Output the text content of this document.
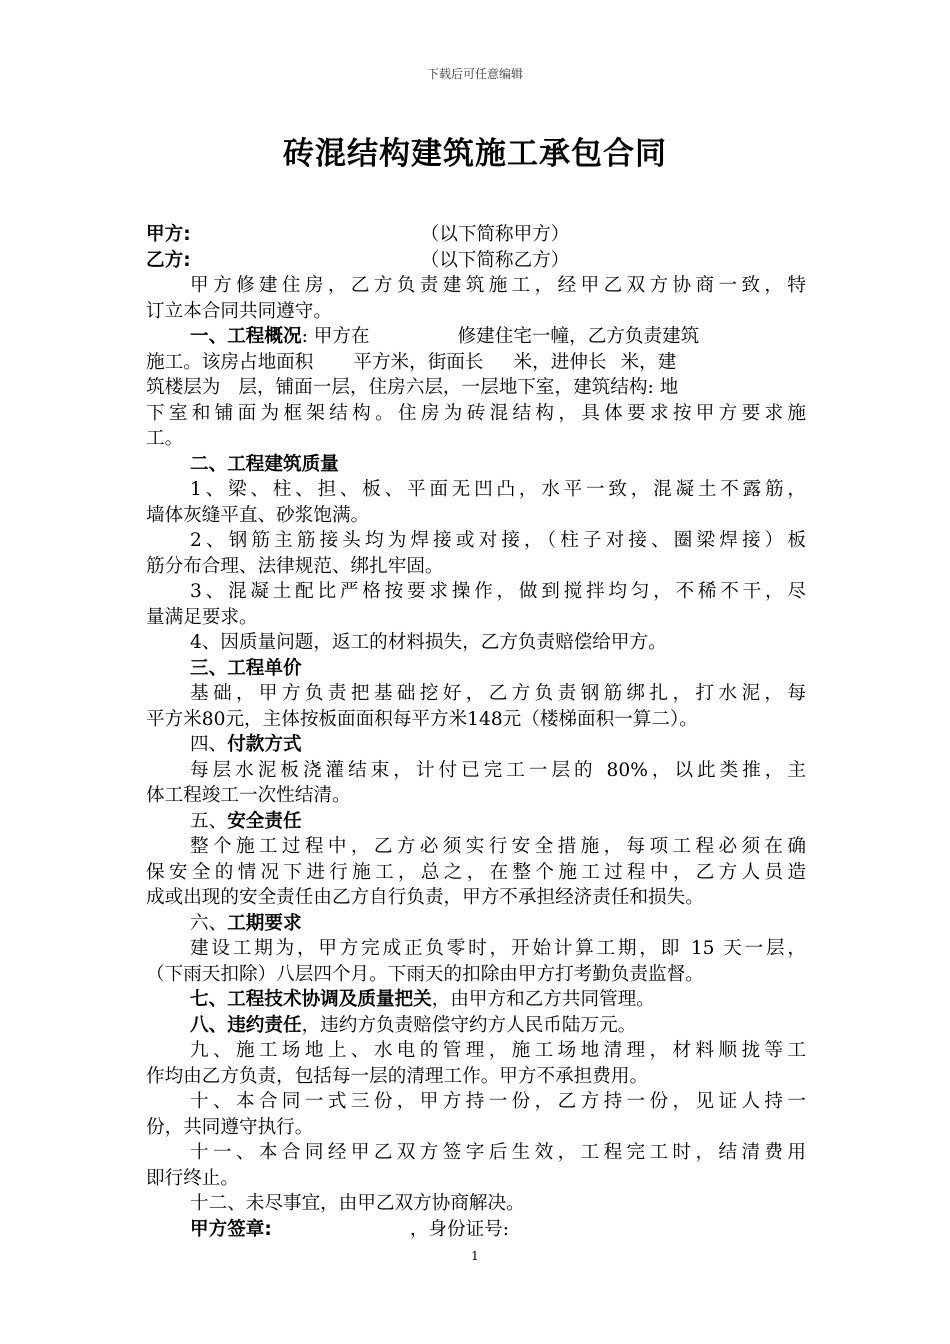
下载后可任意编辑
砖混结构建筑施工承包合同
甲方:	（以下简称甲方）
乙方:	（以下简称乙方）
甲方修建住房，乙方负责建筑施工，经甲乙双方协商一致，特
订立本合同共同遵守。
一、工程概况: 甲方在	修建住宅一幢，乙方负责建筑
施工。该房占地面积 平方米，街面长 米，进伸长 米，建
筑楼层为 层，铺面一层，住房六层，一层地下室，建筑结构: 地
下室和铺面为框架结构。住房为砖混结构，具体要求按甲方要求施
工。
二、工程建筑质量
1、梁、柱、担、板、平面无凹凸，水平一致，混凝土不露筋，
墙体灰缝平直、砂浆饱满。
2、钢筋主筋接头均为焊接或对接，（柱子对接、圈梁焊接）板
筋分布合理、法律规范、绑扎牢固。
3、混凝土配比严格按要求操作，做到搅拌均匀，不稀不干，尽
量满足要求。
4、因质量问题，返工的材料损失，乙方负责赔偿给甲方。
三、工程单价
基础，甲方负责把基础挖好，乙方负责钢筋绑扎，打水泥，每
平方米80元，主体按板面面积每平方米148元（楼梯面积一算二）。
四、付款方式
每层水泥板浇灌结束，计付已完工一层的 80%，以此类推，主
体工程竣工一次性结清。
五、安全责任
整个施工过程中，乙方必须实行安全措施，每项工程必须在确
保安全的情况下进行施工，总之，在整个施工过程中，乙方人员造
成或出现的安全责任由乙方自行负责，甲方不承担经济责任和损失。
六、工期要求
建设工期为，甲方完成正负零时，开始计算工期，即 15 天一层，
（下雨天扣除）八层四个月。下雨天的扣除由甲方打考勤负责监督。
七、工程技术协调及质量把关，由甲方和乙方共同管理。
八、违约责任，违约方负责赔偿守约方人民币陆万元。
九、施工场地上、水电的管理，施工场地清理，材料顺拢等工
作均由乙方负责，包括每一层的清理工作。甲方不承担费用。
十、本合同一式三份，甲方持一份，乙方持一份，见证人持一
份，共同遵守执行。
十一、本合同经甲乙双方签字后生效，工程完工时，结清费用
即行终止。
十二、未尽事宜，由甲乙双方协商解决。
甲方签章:	，身份证号:
1
